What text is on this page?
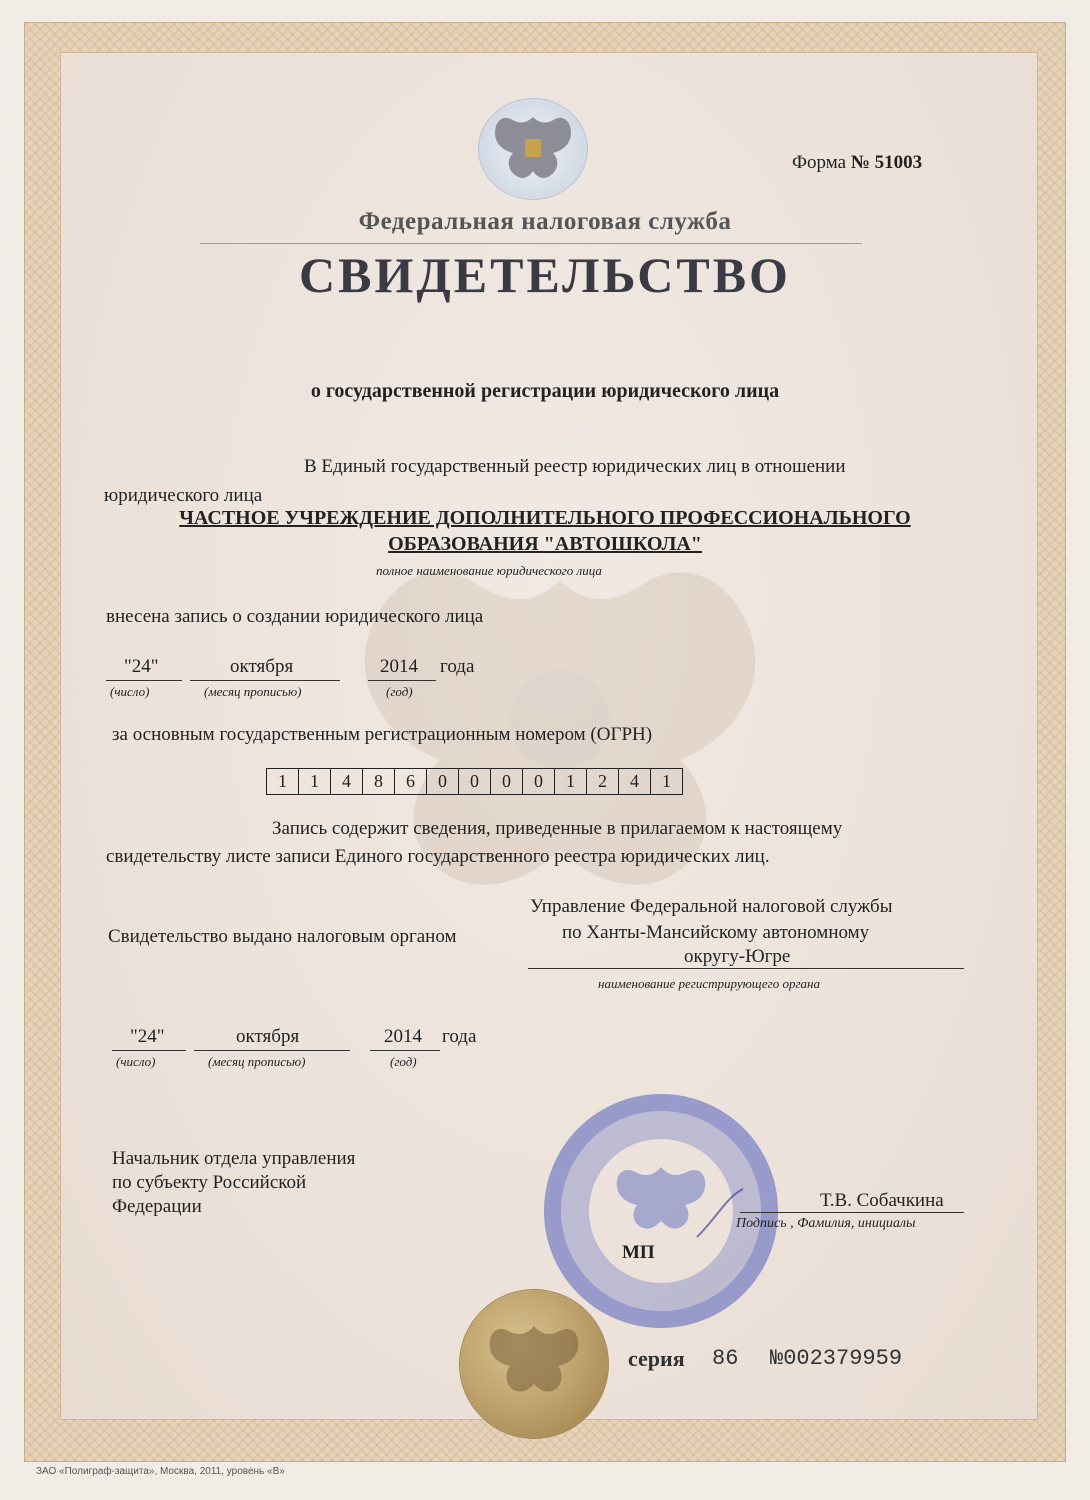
Форма № 51003
Федеральная налоговая служба
СВИДЕТЕЛЬСТВО
о государственной регистрации юридического лица
В Единый государственный реестр юридических лиц в отношении
юридического лица
ЧАСТНОЕ УЧРЕЖДЕНИЕ ДОПОЛНИТЕЛЬНОГО ПРОФЕССИОНАЛЬНОГО
ОБРАЗОВАНИЯ "АВТОШКОЛА"
полное наименование юридического лица
внесена запись о создании юридического лица
"24"
(число)
октября
(месяц прописью)
2014
(год)
года
за основным государственным регистрационным номером (ОГРН)
1	1	4	8	6	0	0	0	0	1	2	4	1
Запись содержит сведения, приведенные в прилагаемом к настоящему
свидетельству листе записи Единого государственного реестра юридических лиц.
Управление Федеральной налоговой службы
Свидетельство выдано налоговым органом	по Ханты-Мансийскому автономному
округу-Югре
наименование регистрирующего органа
"24"
(число)
октября
(месяц прописью)
2014
(год)
года
Начальник отдела управления
по субъекту Российской
Федерации	Т.В. Собачкина
Подпись , Фамилия, инициалы
МП
серия 86 №002379959
ЗАО «Полиграф-защита», Москва, 2011, уровень «В»
